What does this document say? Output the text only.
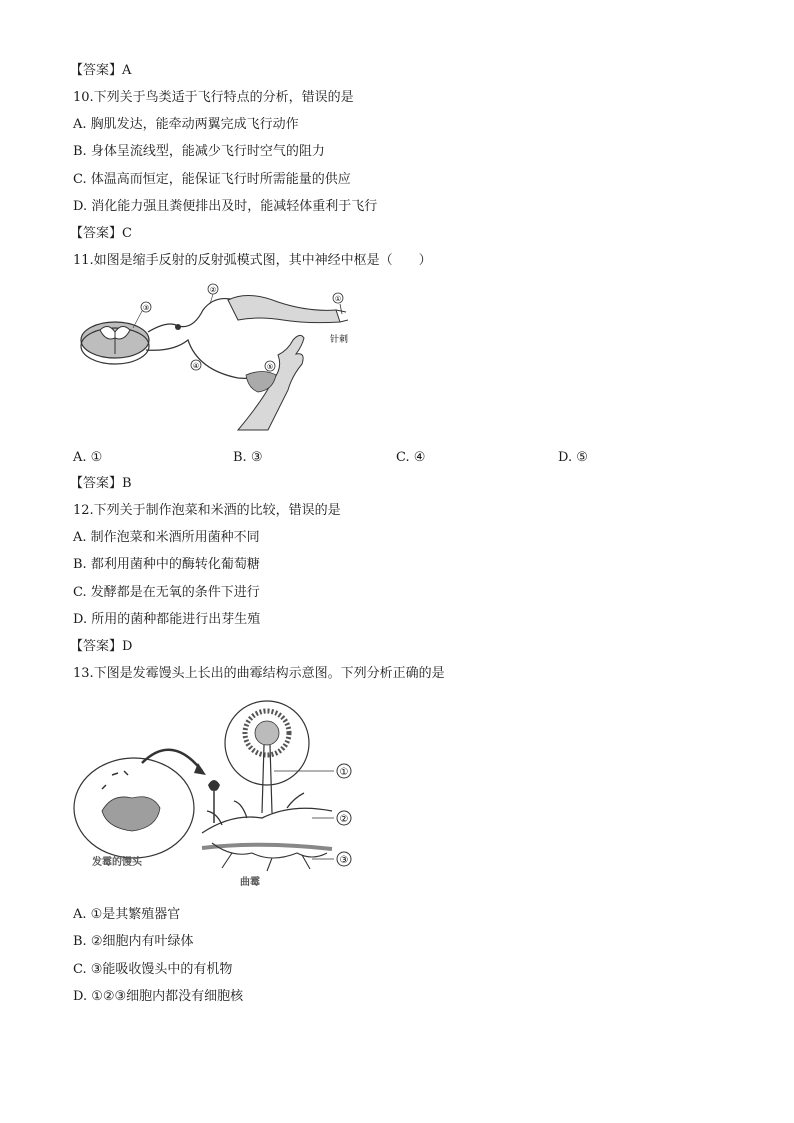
【答案】A
10.下列关于鸟类适于飞行特点的分析，错误的是
A. 胸肌发达，能牵动两翼完成飞行动作
B. 身体呈流线型，能减少飞行时空气的阻力
C. 体温高而恒定，能保证飞行时所需能量的供应
D. 消化能力强且粪便排出及时，能减轻体重利于飞行
【答案】C
11.如图是缩手反射的反射弧模式图，其中神经中枢是（　　）
③
②
①
针刺
④	⑤
A. ①	B. ③	C. ④	D. ⑤
【答案】B
12.下列关于制作泡菜和米酒的比较，错误的是
A. 制作泡菜和米酒所用菌种不同
B. 都利用菌种中的酶转化葡萄糖
C. 发酵都是在无氧的条件下进行
D. 所用的菌种都能进行出芽生殖
【答案】D
13.下图是发霉馒头上长出的曲霉结构示意图。下列分析正确的是
发霉的馒头
①
②
③
曲霉
A. ①是其繁殖器官
B. ②细胞内有叶绿体
C. ③能吸收馒头中的有机物
D. ①②③细胞内都没有细胞核
